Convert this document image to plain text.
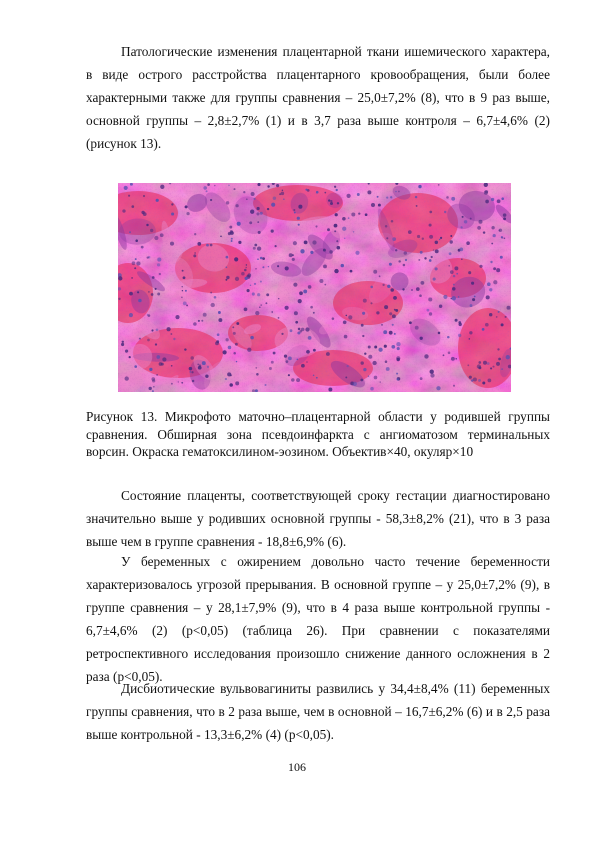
Патологические изменения плацентарной ткани ишемического характера, в виде острого расстройства плацентарного кровообращения, были более характерными также для группы сравнения – 25,0±7,2% (8), что в 9 раз выше, основной группы – 2,8±2,7% (1) и в 3,7 раза выше контроля – 6,7±4,6% (2) (рисунок 13).

Рисунок 13. Микрофото маточно–плацентарной области у родившей группы сравнения. Обширная зона псевдоинфаркта с ангиоматозом терминальных ворсин. Окраска гематоксилином-эозином. Объектив×40, окуляр×10

Состояние плаценты, соответствующей сроку гестации диагностировано значительно выше у родивших основной группы - 58,3±8,2% (21), что в 3 раза выше чем в группе сравнения - 18,8±6,9% (6).

У беременных с ожирением довольно часто течение беременности характеризовалось угрозой прерывания. В основной группе – у 25,0±7,2% (9), в группе сравнения – у 28,1±7,9% (9), что в 4 раза выше контрольной группы - 6,7±4,6% (2) (p<0,05) (таблица 26). При сравнении с показателями ретроспективного исследования произошло снижение данного осложнения в 2 раза (p<0,05).

Дисбиотические вульвовагиниты развились у 34,4±8,4% (11) беременных группы сравнения, что в 2 раза выше, чем в основной – 16,7±6,2% (6) и в 2,5 раза выше контрольной - 13,3±6,2% (4) (p<0,05).

106
